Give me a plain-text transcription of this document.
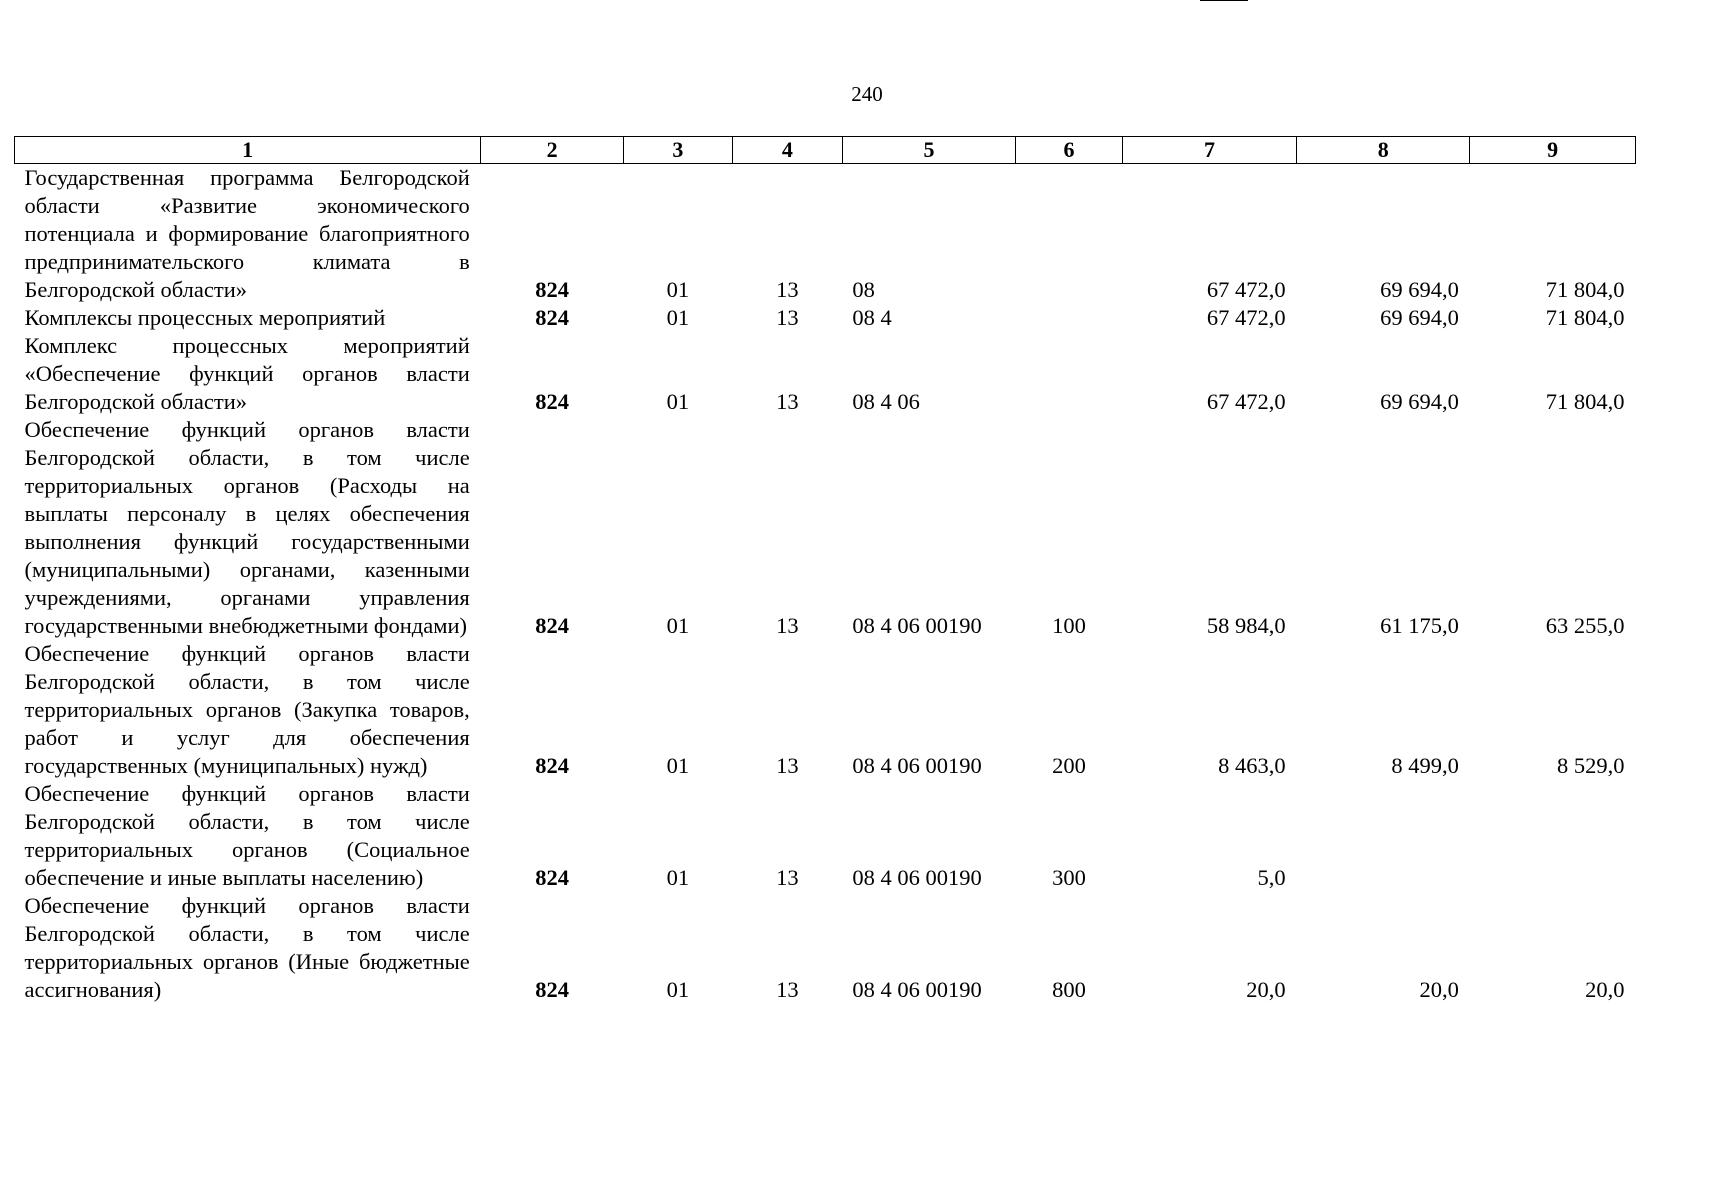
240
1	2	3	4	5	6	7	8	9
Государственная программа Белгородской области «Развитие экономического потенциала и формирование благоприятного предпринимательского климата в Белгородской области»	824	01	13	08		67 472,0	69 694,0	71 804,0
Комплексы процессных мероприятий	824	01	13	08 4		67 472,0	69 694,0	71 804,0
Комплекс процессных мероприятий «Обеспечение функций органов власти Белгородской области»	824	01	13	08 4 06		67 472,0	69 694,0	71 804,0
Обеспечение функций органов власти Белгородской области, в том числе территориальных органов (Расходы на выплаты персоналу в целях обеспечения выполнения функций государственными (муниципальными) органами, казенными учреждениями, органами управления государственными внебюджетными фондами)	824	01	13	08 4 06 00190	100	58 984,0	61 175,0	63 255,0
Обеспечение функций органов власти Белгородской области, в том числе территориальных органов (Закупка товаров, работ и услуг для обеспечения государственных (муниципальных) нужд)	824	01	13	08 4 06 00190	200	8 463,0	8 499,0	8 529,0
Обеспечение функций органов власти Белгородской области, в том числе территориальных органов (Социальное обеспечение и иные выплаты населению)	824	01	13	08 4 06 00190	300	5,0		
Обеспечение функций органов власти Белгородской области, в том числе территориальных органов (Иные бюджетные ассигнования)	824	01	13	08 4 06 00190	800	20,0	20,0	20,0
